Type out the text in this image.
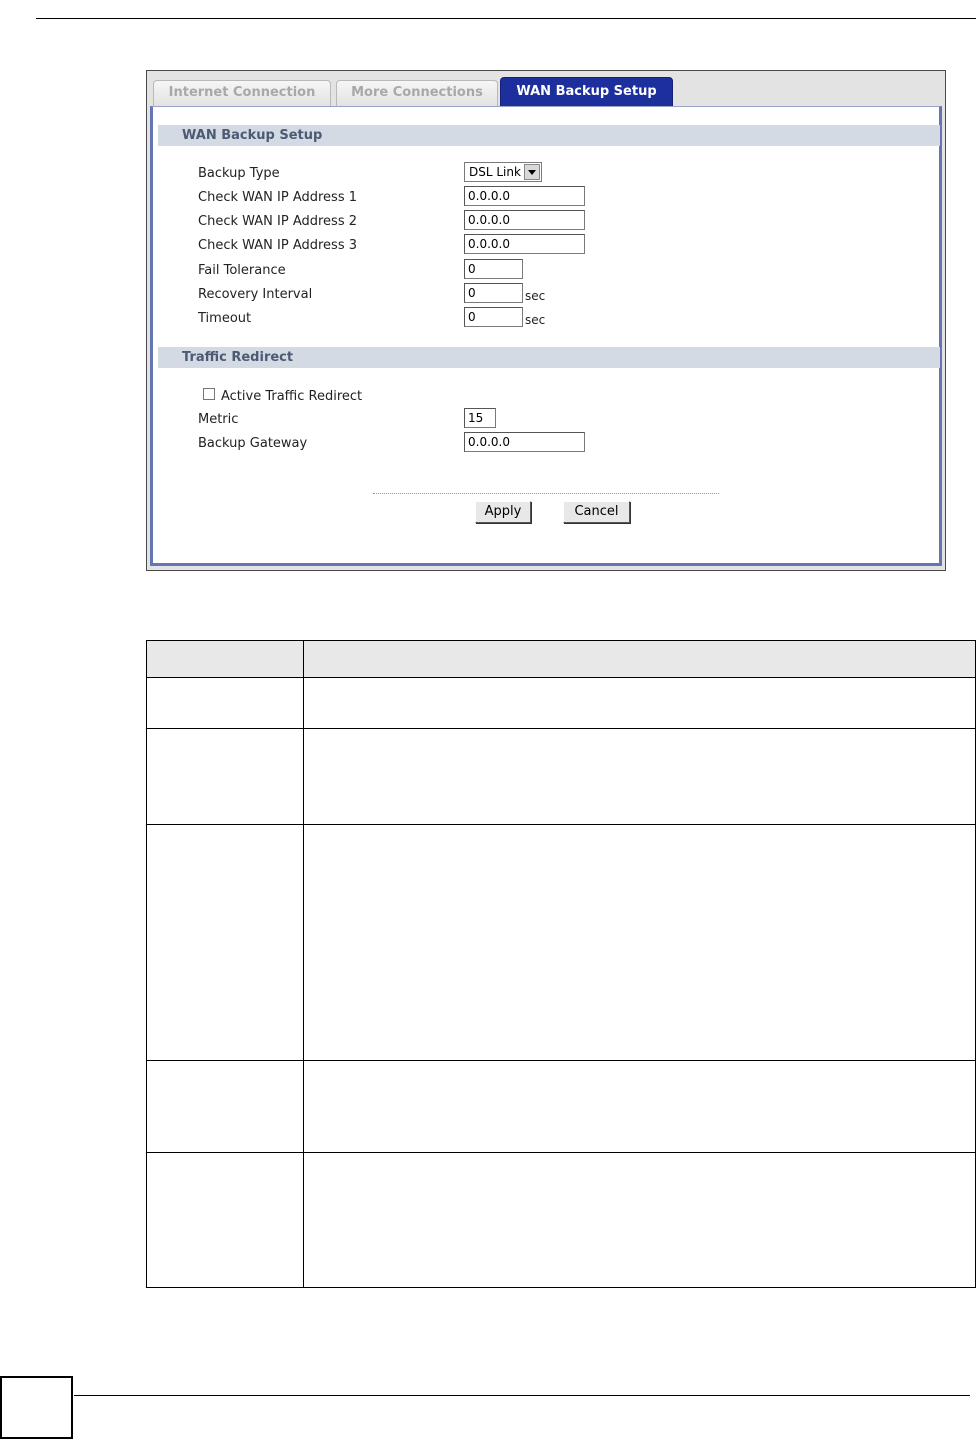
Internet Connection	More Connections	WAN Backup Setup
WAN Backup Setup
Backup Type	DSL Link
Check WAN IP Address 1	0.0.0.0
Check WAN IP Address 2	0.0.0.0
Check WAN IP Address 3	0.0.0.0
Fail Tolerance	0
Recovery Interval	0	sec
Timeout	0	sec
Traffic Redirect
Active Traffic Redirect
Metric	15
Backup Gateway	0.0.0.0
Apply	Cancel
